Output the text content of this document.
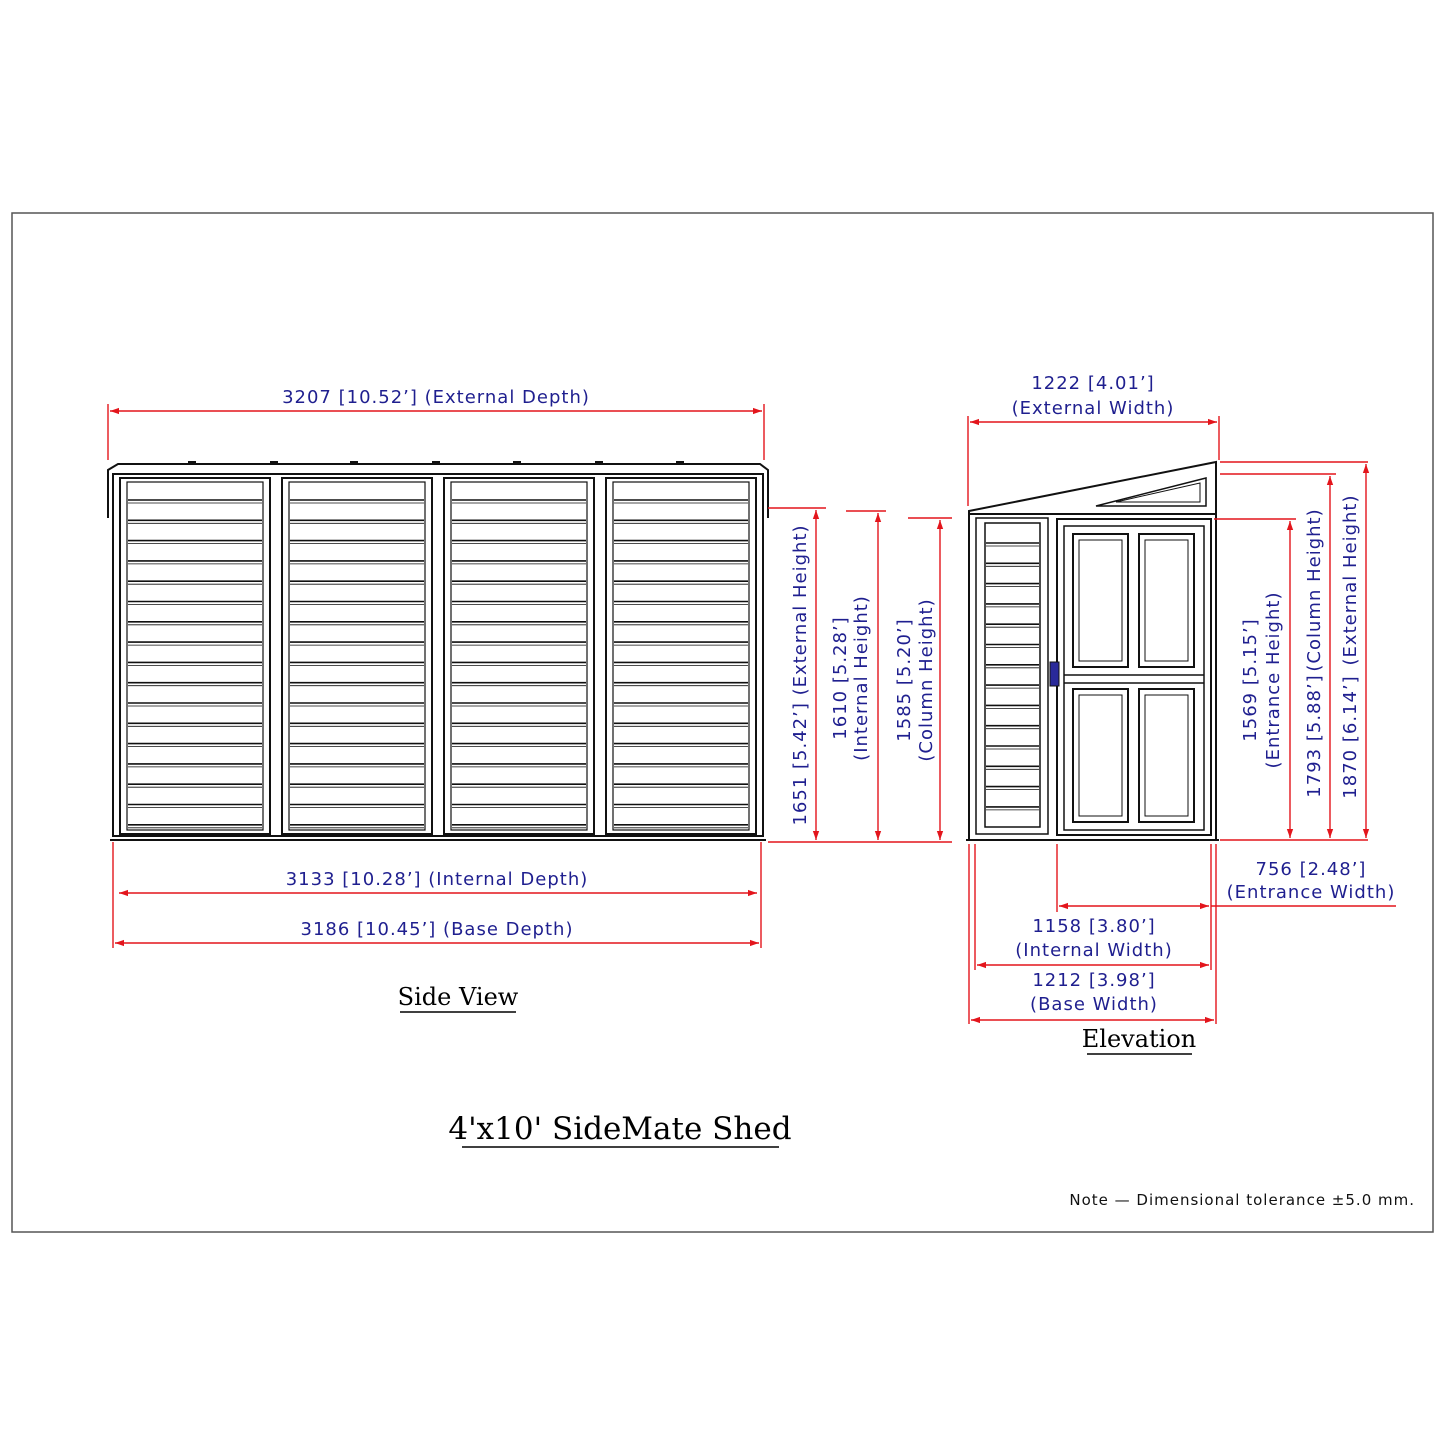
3207 [10.52’] (External Depth)
3133 [10.28’] (Internal Depth)
3186 [10.45’] (Base Depth)
1651 [5.42’] (External Height) 1610 [5.28’] (Internal Height) 1585 [5.20’] (Column Height)
1222 [4.01’]
(External Width)
756 [2.48’]
(Entrance Width)
1158 [3.80’]
(Internal Width)
1212 [3.98’]
(Base Width)
1569 [5.15’] (Entrance Height) 1793 [5.88’]
(Column Height)
1870 [6.14’]
(External Height)
Side View
Elevation
4'x10' SideMate Shed
Note — Dimensional tolerance ±5.0 mm.
